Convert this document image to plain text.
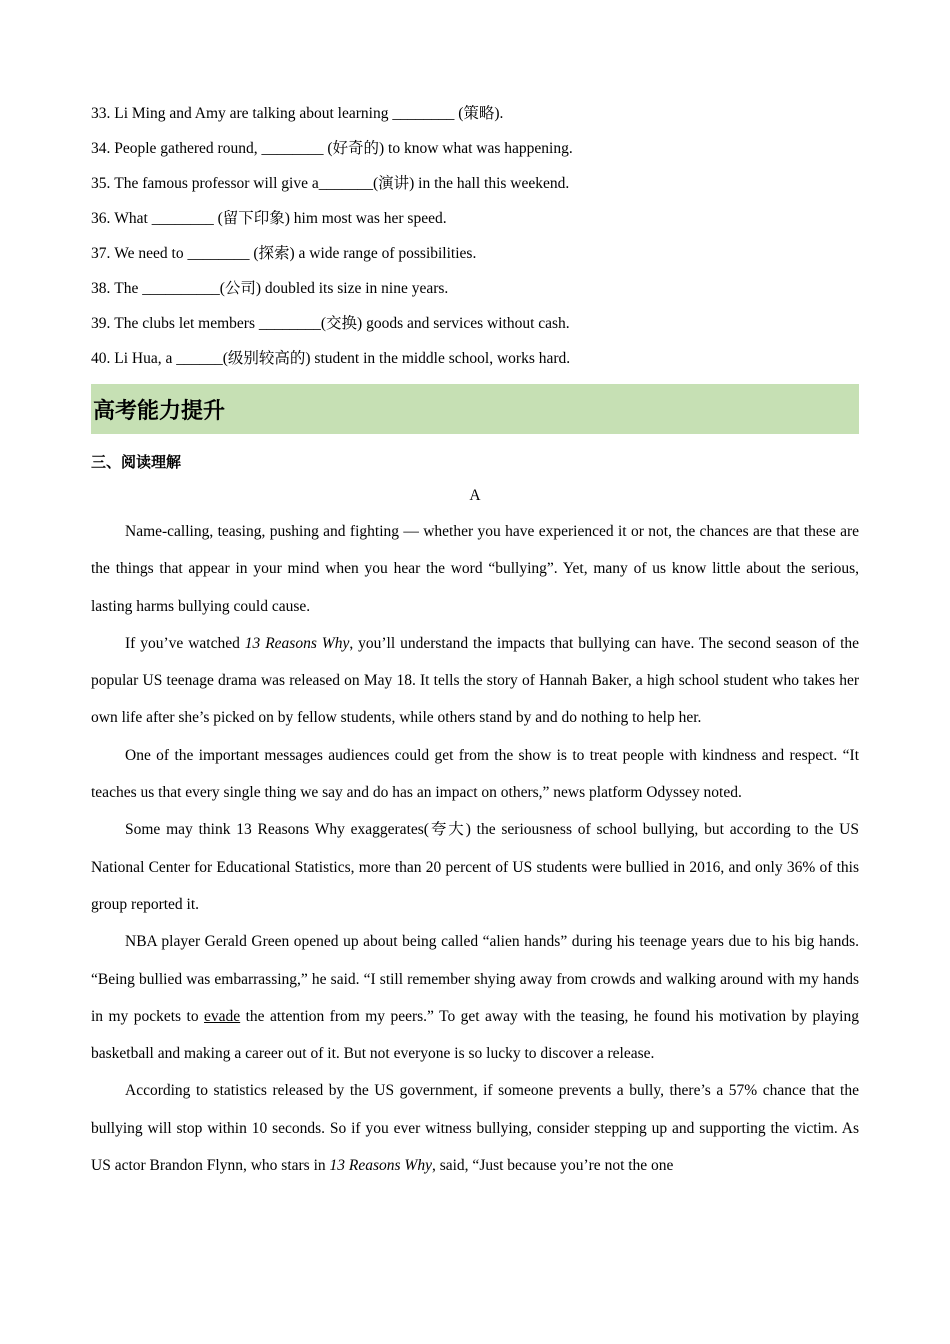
33. Li Ming and Amy are talking about learning ________ (策略).
34. People gathered round, ________ (好奇的) to know what was happening.
35. The famous professor will give a_______(演讲) in the hall this weekend.
36. What ________ (留下印象) him most was her speed.
37. We need to ________ (探索) a wide range of possibilities.
38. The __________(公司) doubled its size in nine years.
39. The clubs let members ________(交换) goods and services without cash.
40. Li Hua, a ______(级别较高的) student in the middle school, works hard.
高考能力提升
三、阅读理解
A

Name-calling, teasing, pushing and fighting — whether you have experienced it or not, the chances are that these are the things that appear in your mind when you hear the word “bullying”. Yet, many of us know little about the serious, lasting harms bullying could cause.

If you’ve watched 13 Reasons Why, you’ll understand the impacts that bullying can have. The second season of the popular US teenage drama was released on May 18. It tells the story of Hannah Baker, a high school student who takes her own life after she’s picked on by fellow students, while others stand by and do nothing to help her.

One of the important messages audiences could get from the show is to treat people with kindness and respect. “It teaches us that every single thing we say and do has an impact on others,” news platform Odyssey noted.

Some may think 13 Reasons Why exaggerates(夸大) the seriousness of school bullying, but according to the US National Center for Educational Statistics, more than 20 percent of US students were bullied in 2016, and only 36% of this group reported it.

NBA player Gerald Green opened up about being called “alien hands” during his teenage years due to his big hands. “Being bullied was embarrassing,” he said. “I still remember shying away from crowds and walking around with my hands in my pockets to evade the attention from my peers.” To get away with the teasing, he found his motivation by playing basketball and making a career out of it. But not everyone is so lucky to discover a release.

According to statistics released by the US government, if someone prevents a bully, there’s a 57% chance that the bullying will stop within 10 seconds. So if you ever witness bullying, consider stepping up and supporting the victim. As US actor Brandon Flynn, who stars in 13 Reasons Why, said, “Just because you’re not the one
